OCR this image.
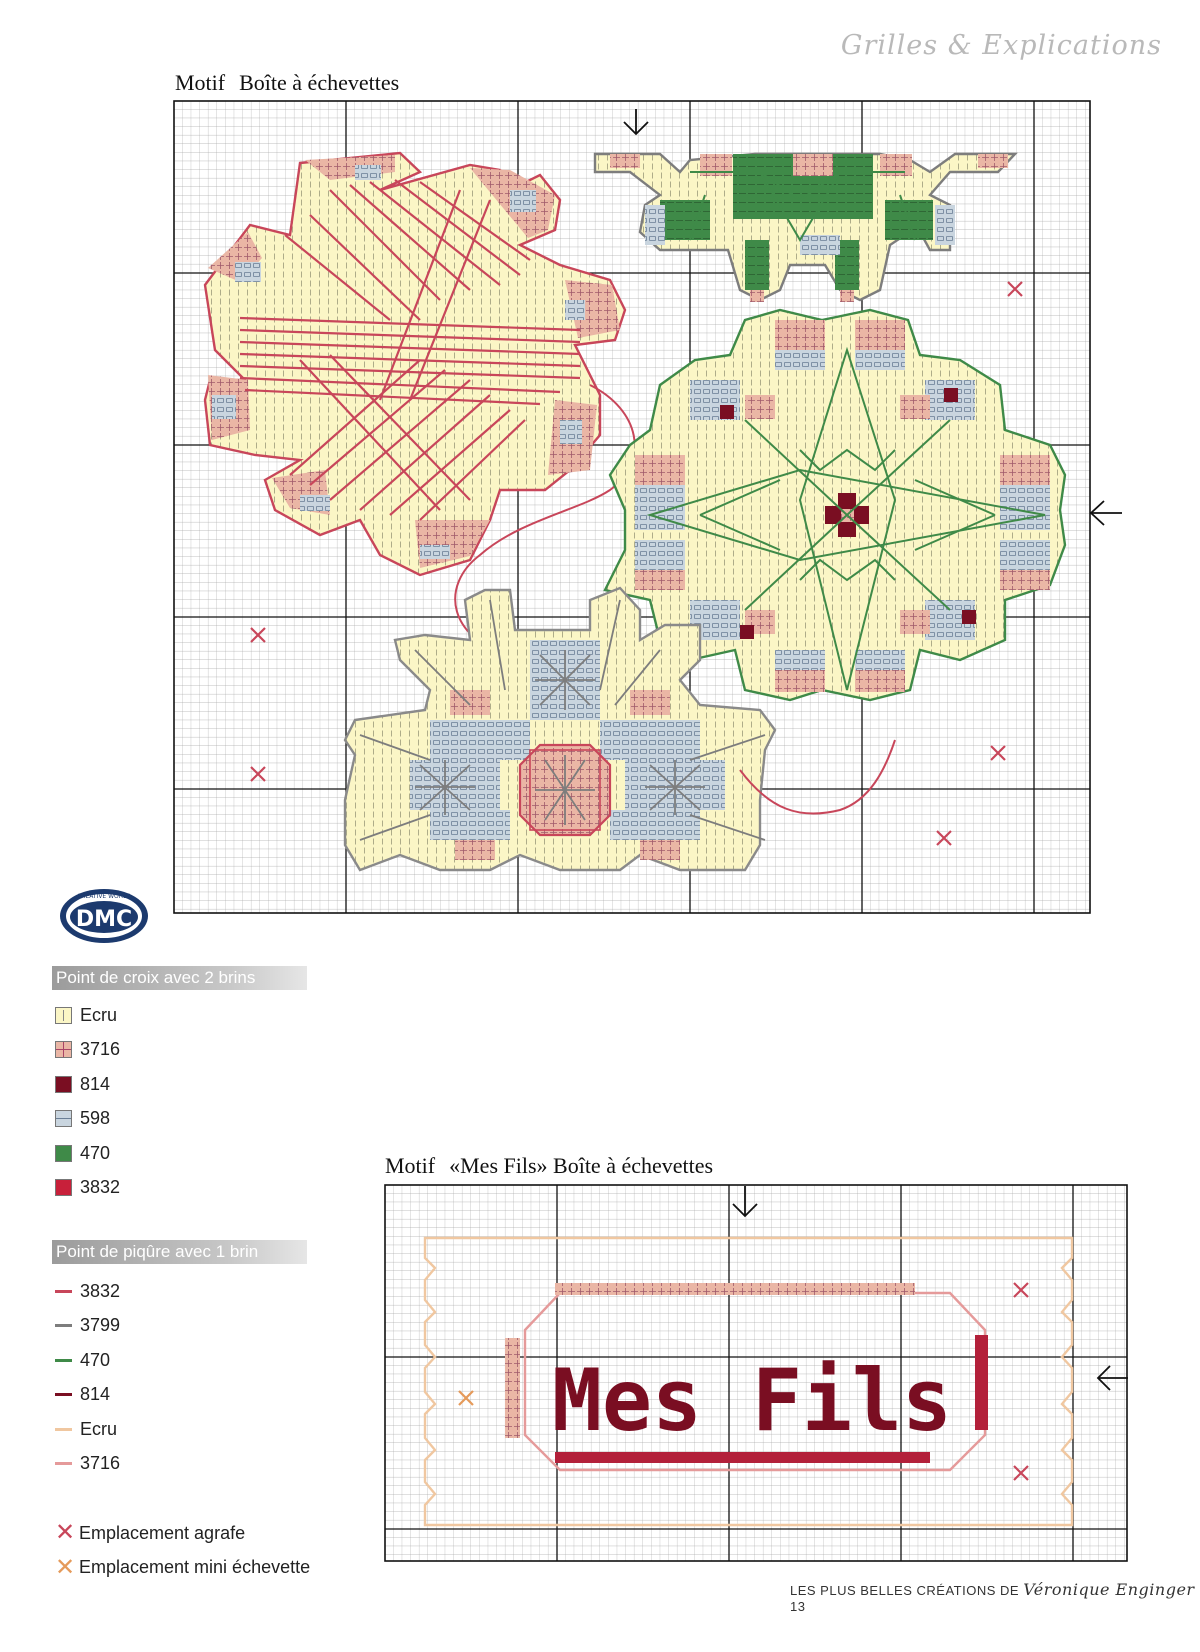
Grilles & Explications
Motif Boîte à échevettes
Mes Fils
Motif «Mes Fils» Boîte à échevettes
DMC
CREATIVE WORLD
Point de croix avec 2 brins
Ecru
3716
814
598
470
3832
Point de piqûre avec 1 brin
3832
3799
470
814
Ecru
3716
✕ Emplacement agrafe
✕ Emplacement mini échevette
LES PLUS BELLES CRÉATIONS DE Véronique Enginger 13
